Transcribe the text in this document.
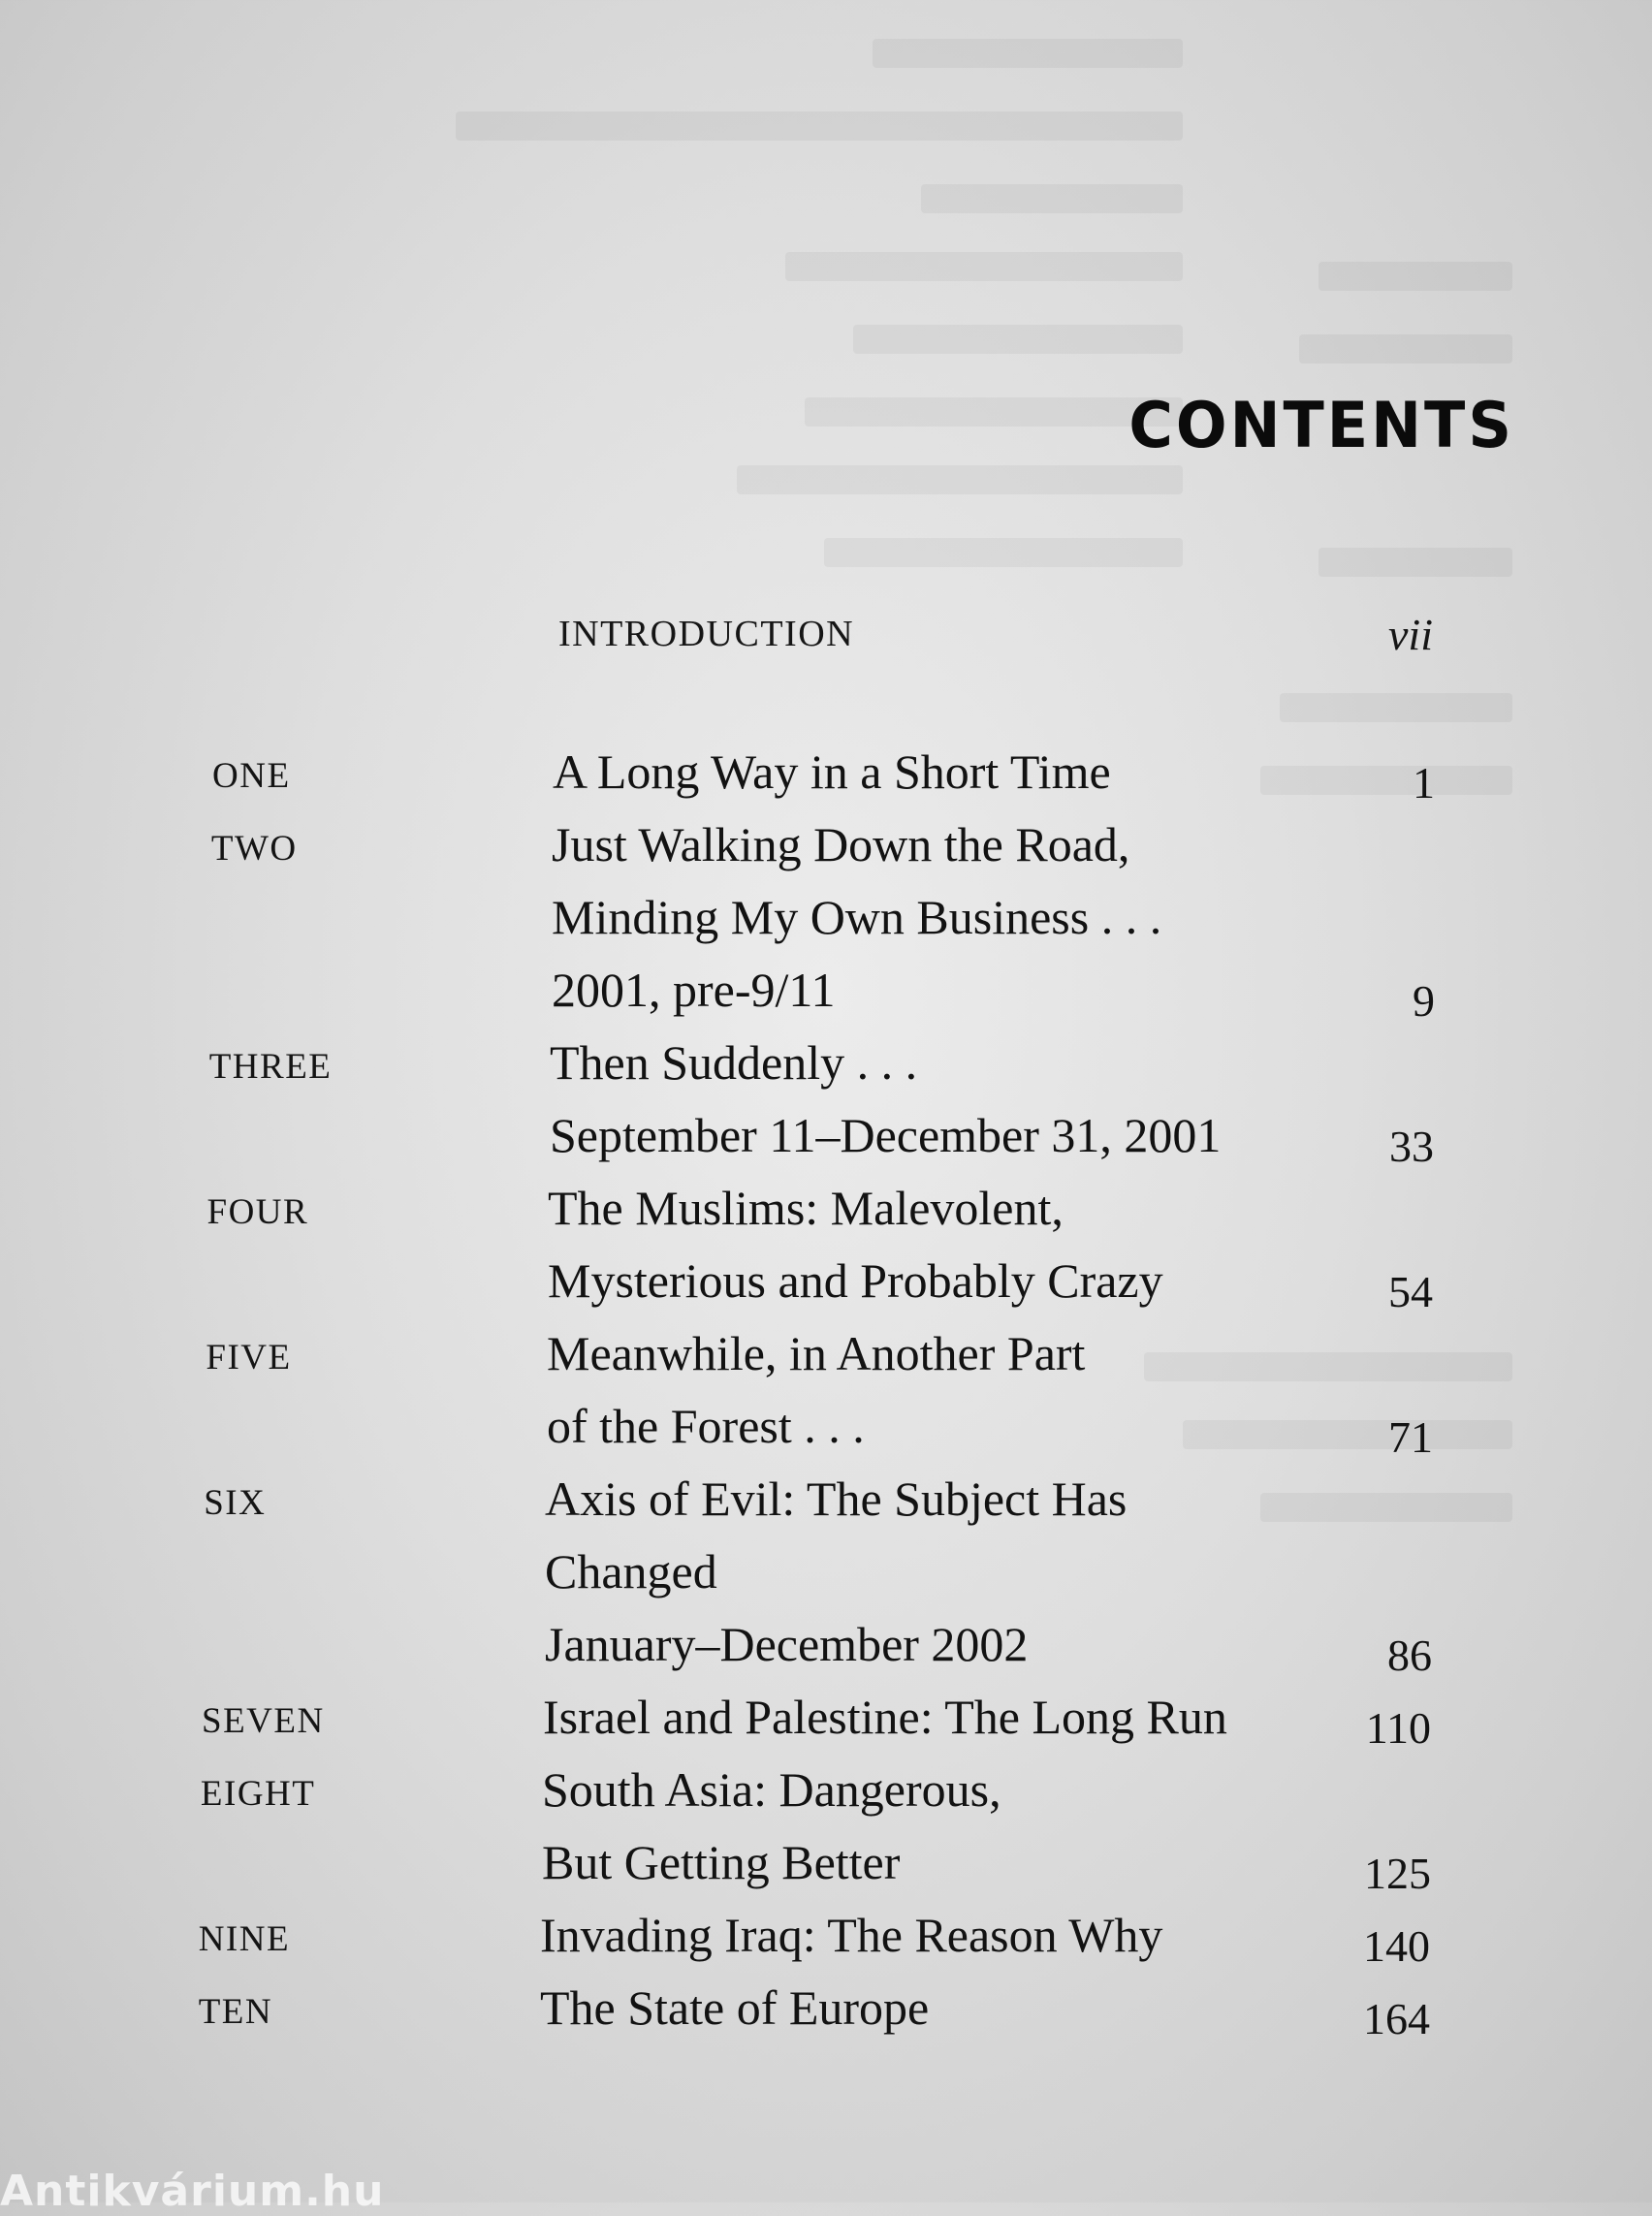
CONTENTS
INTRODUCTION	vii
ONE	A Long Way in a Short Time	1
TWO	Just Walking Down the Road,
Minding My Own Business . . .
2001, pre-9/11	9
THREE	Then Suddenly . . .
September 11–December 31, 2001	33
FOUR	The Muslims: Malevolent,
Mysterious and Probably Crazy	54
FIVE	Meanwhile, in Another Part
of the Forest . . .	71
SIX	Axis of Evil: The Subject Has
Changed
January–December 2002	86
SEVEN	Israel and Palestine: The Long Run	110
EIGHT	South Asia: Dangerous,
But Getting Better	125
NINE	Invading Iraq: The Reason Why	140
TEN	The State of Europe	164
Antikvárium.hu
